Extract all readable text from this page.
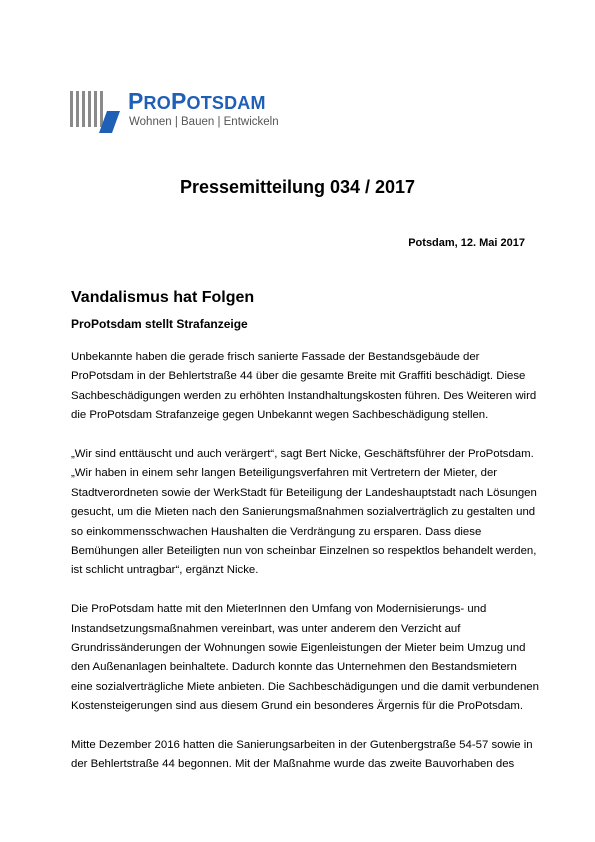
PROPOTSDAM
Wohnen | Bauen | Entwickeln
Pressemitteilung 034 / 2017
Potsdam, 12. Mai 2017
Vandalismus hat Folgen
ProPotsdam stellt Strafanzeige

Unbekannte haben die gerade frisch sanierte Fassade der Bestandsgebäude der
ProPotsdam in der Behlertstraße 44 über die gesamte Breite mit Graffiti beschädigt. Diese
Sachbeschädigungen werden zu erhöhten Instandhaltungskosten führen. Des Weiteren wird
die ProPotsdam Strafanzeige gegen Unbekannt wegen Sachbeschädigung stellen.

„Wir sind enttäuscht und auch verärgert“, sagt Bert Nicke, Geschäftsführer der ProPotsdam.
„Wir haben in einem sehr langen Beteiligungsverfahren mit Vertretern der Mieter, der
Stadtverordneten sowie der WerkStadt für Beteiligung der Landeshauptstadt nach Lösungen
gesucht, um die Mieten nach den Sanierungsmaßnahmen sozialverträglich zu gestalten und
so einkommensschwachen Haushalten die Verdrängung zu ersparen. Dass diese
Bemühungen aller Beteiligten nun von scheinbar Einzelnen so respektlos behandelt werden,
ist schlicht untragbar“, ergänzt Nicke.

Die ProPotsdam hatte mit den MieterInnen den Umfang von Modernisierungs- und
Instandsetzungsmaßnahmen vereinbart, was unter anderem den Verzicht auf
Grundrissänderungen der Wohnungen sowie Eigenleistungen der Mieter beim Umzug und
den Außenanlagen beinhaltete. Dadurch konnte das Unternehmen den Bestandsmietern
eine sozialverträgliche Miete anbieten. Die Sachbeschädigungen und die damit verbundenen
Kostensteigerungen sind aus diesem Grund ein besonderes Ärgernis für die ProPotsdam.

Mitte Dezember 2016 hatten die Sanierungsarbeiten in der Gutenbergstraße 54-57 sowie in
der Behlertstraße 44 begonnen. Mit der Maßnahme wurde das zweite Bauvorhaben des
